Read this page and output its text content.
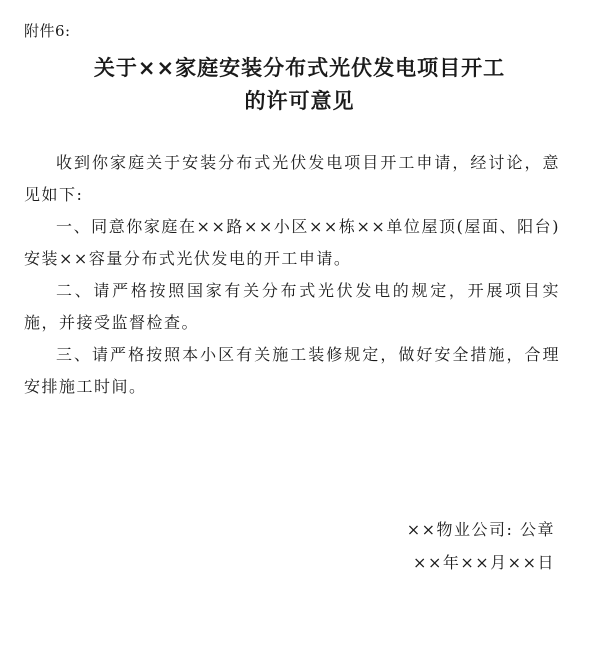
附件6:
关于××家庭安装分布式光伏发电项目开工
的许可意见

收到你家庭关于安装分布式光伏发电项目开工申请，经讨论，意见如下:

一、同意你家庭在××路××小区××栋××单位屋顶(屋面、阳台)安装××容量分布式光伏发电的开工申请。

二、请严格按照国家有关分布式光伏发电的规定，开展项目实施，并接受监督检查。

三、请严格按照本小区有关施工装修规定，做好安全措施，合理安排施工时间。

××物业公司: 公章
××年××月××日
